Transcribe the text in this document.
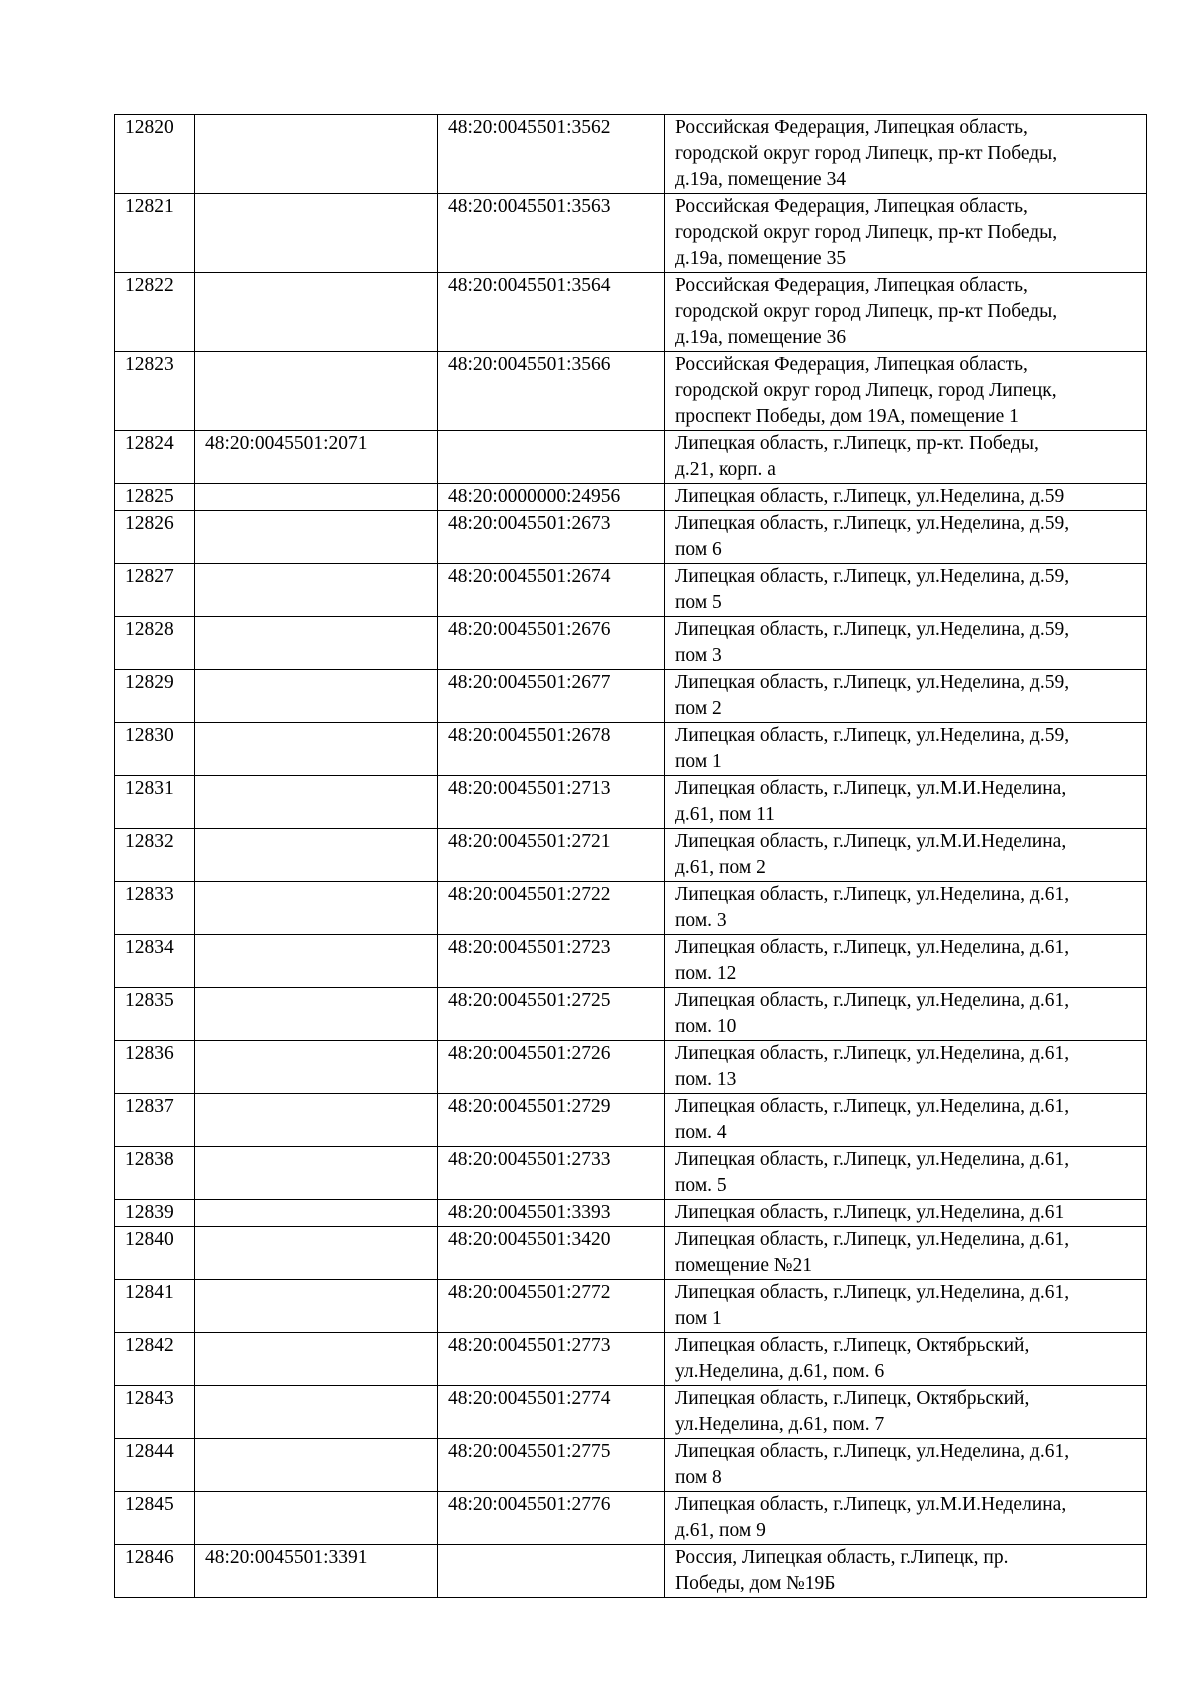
12820		48:20:0045501:3562	Российская Федерация, Липецкая область,
городской округ город Липецк, пр-кт Победы,
д.19а, помещение 34
12821		48:20:0045501:3563	Российская Федерация, Липецкая область,
городской округ город Липецк, пр-кт Победы,
д.19а, помещение 35
12822		48:20:0045501:3564	Российская Федерация, Липецкая область,
городской округ город Липецк, пр-кт Победы,
д.19а, помещение 36
12823		48:20:0045501:3566	Российская Федерация, Липецкая область,
городской округ город Липецк, город Липецк,
проспект Победы, дом 19А, помещение 1
12824	48:20:0045501:2071		Липецкая область, г.Липецк, пр-кт. Победы,
д.21, корп. а
12825		48:20:0000000:24956	Липецкая область, г.Липецк, ул.Неделина, д.59
12826		48:20:0045501:2673	Липецкая область, г.Липецк, ул.Неделина, д.59,
пом 6
12827		48:20:0045501:2674	Липецкая область, г.Липецк, ул.Неделина, д.59,
пом 5
12828		48:20:0045501:2676	Липецкая область, г.Липецк, ул.Неделина, д.59,
пом 3
12829		48:20:0045501:2677	Липецкая область, г.Липецк, ул.Неделина, д.59,
пом 2
12830		48:20:0045501:2678	Липецкая область, г.Липецк, ул.Неделина, д.59,
пом 1
12831		48:20:0045501:2713	Липецкая область, г.Липецк, ул.М.И.Неделина,
д.61, пом 11
12832		48:20:0045501:2721	Липецкая область, г.Липецк, ул.М.И.Неделина,
д.61, пом 2
12833		48:20:0045501:2722	Липецкая область, г.Липецк, ул.Неделина, д.61,
пом. 3
12834		48:20:0045501:2723	Липецкая область, г.Липецк, ул.Неделина, д.61,
пом. 12
12835		48:20:0045501:2725	Липецкая область, г.Липецк, ул.Неделина, д.61,
пом. 10
12836		48:20:0045501:2726	Липецкая область, г.Липецк, ул.Неделина, д.61,
пом. 13
12837		48:20:0045501:2729	Липецкая область, г.Липецк, ул.Неделина, д.61,
пом. 4
12838		48:20:0045501:2733	Липецкая область, г.Липецк, ул.Неделина, д.61,
пом. 5
12839		48:20:0045501:3393	Липецкая область, г.Липецк, ул.Неделина, д.61
12840		48:20:0045501:3420	Липецкая область, г.Липецк, ул.Неделина, д.61,
помещение №21
12841		48:20:0045501:2772	Липецкая область, г.Липецк, ул.Неделина, д.61,
пом 1
12842		48:20:0045501:2773	Липецкая область, г.Липецк, Октябрьский,
ул.Неделина, д.61, пом. 6
12843		48:20:0045501:2774	Липецкая область, г.Липецк, Октябрьский,
ул.Неделина, д.61, пом. 7
12844		48:20:0045501:2775	Липецкая область, г.Липецк, ул.Неделина, д.61,
пом 8
12845		48:20:0045501:2776	Липецкая область, г.Липецк, ул.М.И.Неделина,
д.61, пом 9
12846	48:20:0045501:3391		Россия, Липецкая область, г.Липецк, пр.
Победы, дом №19Б
